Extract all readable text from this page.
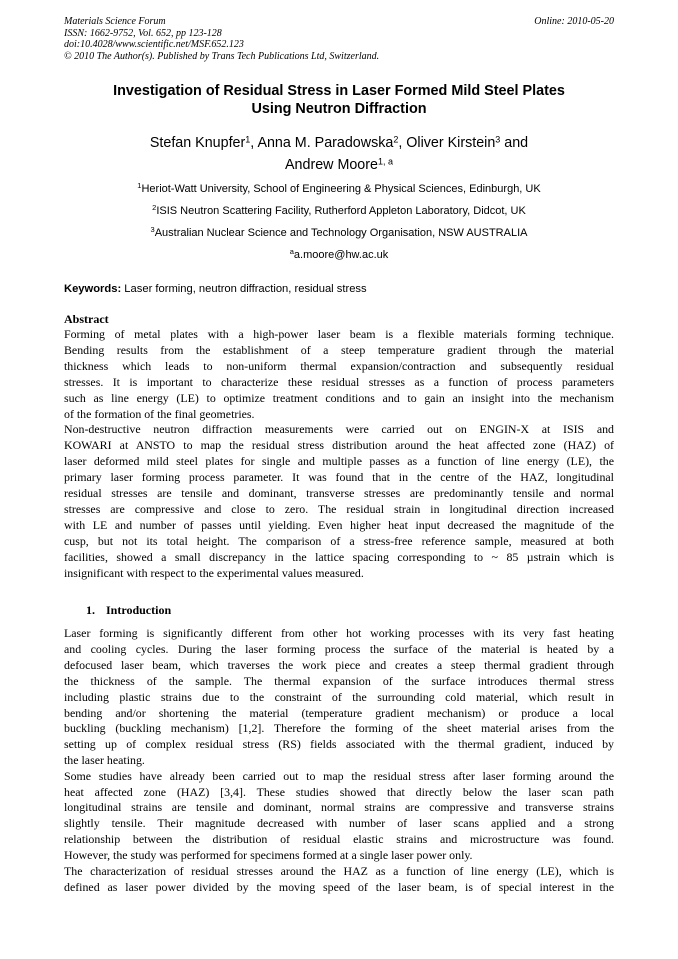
Materials Science Forum
ISSN: 1662-9752, Vol. 652, pp 123-128
doi:10.4028/www.scientific.net/MSF.652.123
© 2010 The Author(s). Published by Trans Tech Publications Ltd, Switzerland.
Online: 2010-05-20
Investigation of Residual Stress in Laser Formed Mild Steel Plates
Using Neutron Diffraction
Stefan Knupfer$^1$, Anna M. Paradowska$^2$, Oliver Kirstein$^3$ and
Andrew Moore$^{1, a}$
$^1$Heriot-Watt University, School of Engineering & Physical Sciences, Edinburgh, UK
$^2$ISIS Neutron Scattering Facility, Rutherford Appleton Laboratory, Didcot, UK
$^3$Australian Nuclear Science and Technology Organisation, NSW AUSTRALIA
$^a$a.moore@hw.ac.uk
Keywords: Laser forming, neutron diffraction, residual stress
Abstract
Forming of metal plates with a high-power laser beam is a flexible materials forming technique.
Bending results from the establishment of a steep temperature gradient through the material
thickness which leads to non-uniform thermal expansion/contraction and subsequently residual
stresses. It is important to characterize these residual stresses as a function of process parameters
such as line energy (LE) to optimize treatment conditions and to gain an insight into the mechanism
of the formation of the final geometries.
Non-destructive neutron diffraction measurements were carried out on ENGIN-X at ISIS and
KOWARI at ANSTO to map the residual stress distribution around the heat affected zone (HAZ) of
laser deformed mild steel plates for single and multiple passes as a function of line energy (LE), the
primary laser forming process parameter. It was found that in the centre of the HAZ, longitudinal
residual stresses are tensile and dominant, transverse stresses are predominantly tensile and normal
stresses are compressive and close to zero. The residual strain in longitudinal direction increased
with LE and number of passes until yielding. Even higher heat input decreased the magnitude of the
cusp, but not its total height. The comparison of a stress-free reference sample, measured at both
facilities, showed a small discrepancy in the lattice spacing corresponding to ~ 85 µstrain which is
insignificant with respect to the experimental values measured.
1. Introduction
Laser forming is significantly different from other hot working processes with its very fast heating
and cooling cycles. During the laser forming process the surface of the material is heated by a
defocused laser beam, which traverses the work piece and creates a steep thermal gradient through
the thickness of the sample. The thermal expansion of the surface introduces thermal stress
including plastic strains due to the constraint of the surrounding cold material, which result in
bending and/or shortening the material (temperature gradient mechanism) or produce a local
buckling (buckling mechanism) [1,2]. Therefore the forming of the sheet material arises from the
setting up of complex residual stress (RS) fields associated with the thermal gradient, induced by
the laser heating.
Some studies have already been carried out to map the residual stress after laser forming around the
heat affected zone (HAZ) [3,4]. These studies showed that directly below the laser scan path
longitudinal strains are tensile and dominant, normal strains are compressive and transverse strains
slightly tensile. Their magnitude decreased with number of laser scans applied and a strong
relationship between the distribution of residual elastic strains and microstructure was found.
However, the study was performed for specimens formed at a single laser power only.
The characterization of residual stresses around the HAZ as a function of line energy (LE), which is
defined as laser power divided by the moving speed of the laser beam, is of special interest in the
